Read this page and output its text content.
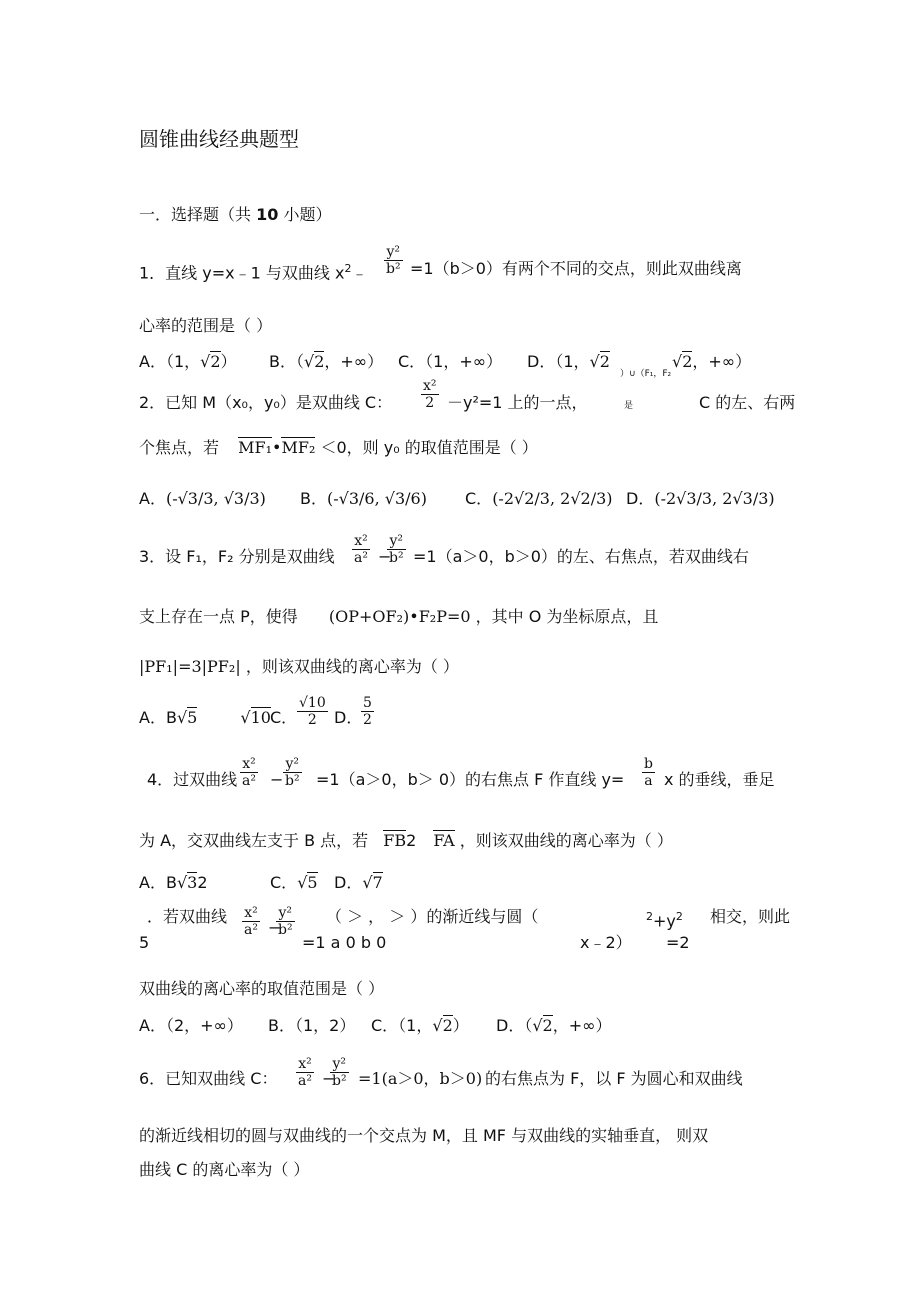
圆锥曲线经典题型
一．选择题（共 10 小题）
1．直线 y=x﹣1 与双曲线 $x^2﹣ \frac{\text{y²}}{\text{b²}} =1(b>0)$有两个不同的交点，则此双曲线离
心率的范围是（ ）
A．（1，√2） B．（√2，+∞） C．（1，+∞） D．（1，√2
）∪（F₁，F₂
√2，+∞）
2．已知 M（x₀，y₀）是双曲线 C： $\frac{\text{x²}}{2} -y^2=1$ 上的一点，	是	C 的左、右两
个焦点，若 MF₁•MF₂ ＜0，则 y₀ 的取值范围是（ ）
A．(-√3/3, √3/3) B．(-√3/6, √3/6) C．(-2√2/3, 2√2/3) D．(-2√3/3, 2√3/3)
3．设 F₁，F₂ 分别是双曲线 $\frac{\text{x²}}{\text{a²}}$ −
$\frac{\text{y²}}{\text{b²}} =1(a>0$，b＞0）的左、右焦点，若双曲线右
支上存在一点 P，使得 (OP+OF₂)•F₂P=0 ，其中 O 为坐标原点，且
|PF₁|=3|PF₂| ，则该双曲线的离心率为（ ）
A．B√5	√10 C． $\frac{√10}{2}$ D．
$\frac{5}{2}$
4．过双曲线 $\frac{\text{x²}}{\text{a²}} - \frac{\text{y²}}{\text{b²}} =1(a>0$，b＞ 0）的右焦点 F 作直线 $y= \frac{b}{a}$ x 的垂线，垂足
为 A，交双曲线左支于 B 点，若 FB2 FA ，则该双曲线的离心率为（ ）
A．B√32	C．√5 D．√7
5
．若双曲线 $\frac{\text{x²}}{\text{a²}}$ −
$\frac{\text{y²}}{\text{b²}}$ （ ＞ ， ＞ ）的渐近线与圆（
=1 a 0 b 0	x﹣2）
$^2+y^2$
=2
相交，则此
双曲线的离心率的取值范围是（ ）
A．（2，+∞） B．（1，2） C．（1，√2） D．（√2，+∞）
6．已知双曲线 C： $\frac{\text{x²}}{\text{a²}}$ −
$\frac{\text{y²}}{\text{b²}} =1(a>0$，b＞0) 的右焦点为 F，以 F 为圆心和双曲线
的渐近线相切的圆与双曲线的一个交点为 M，且 MF 与双曲线的实轴垂直， 则双
曲线 C 的离心率为（ ）
